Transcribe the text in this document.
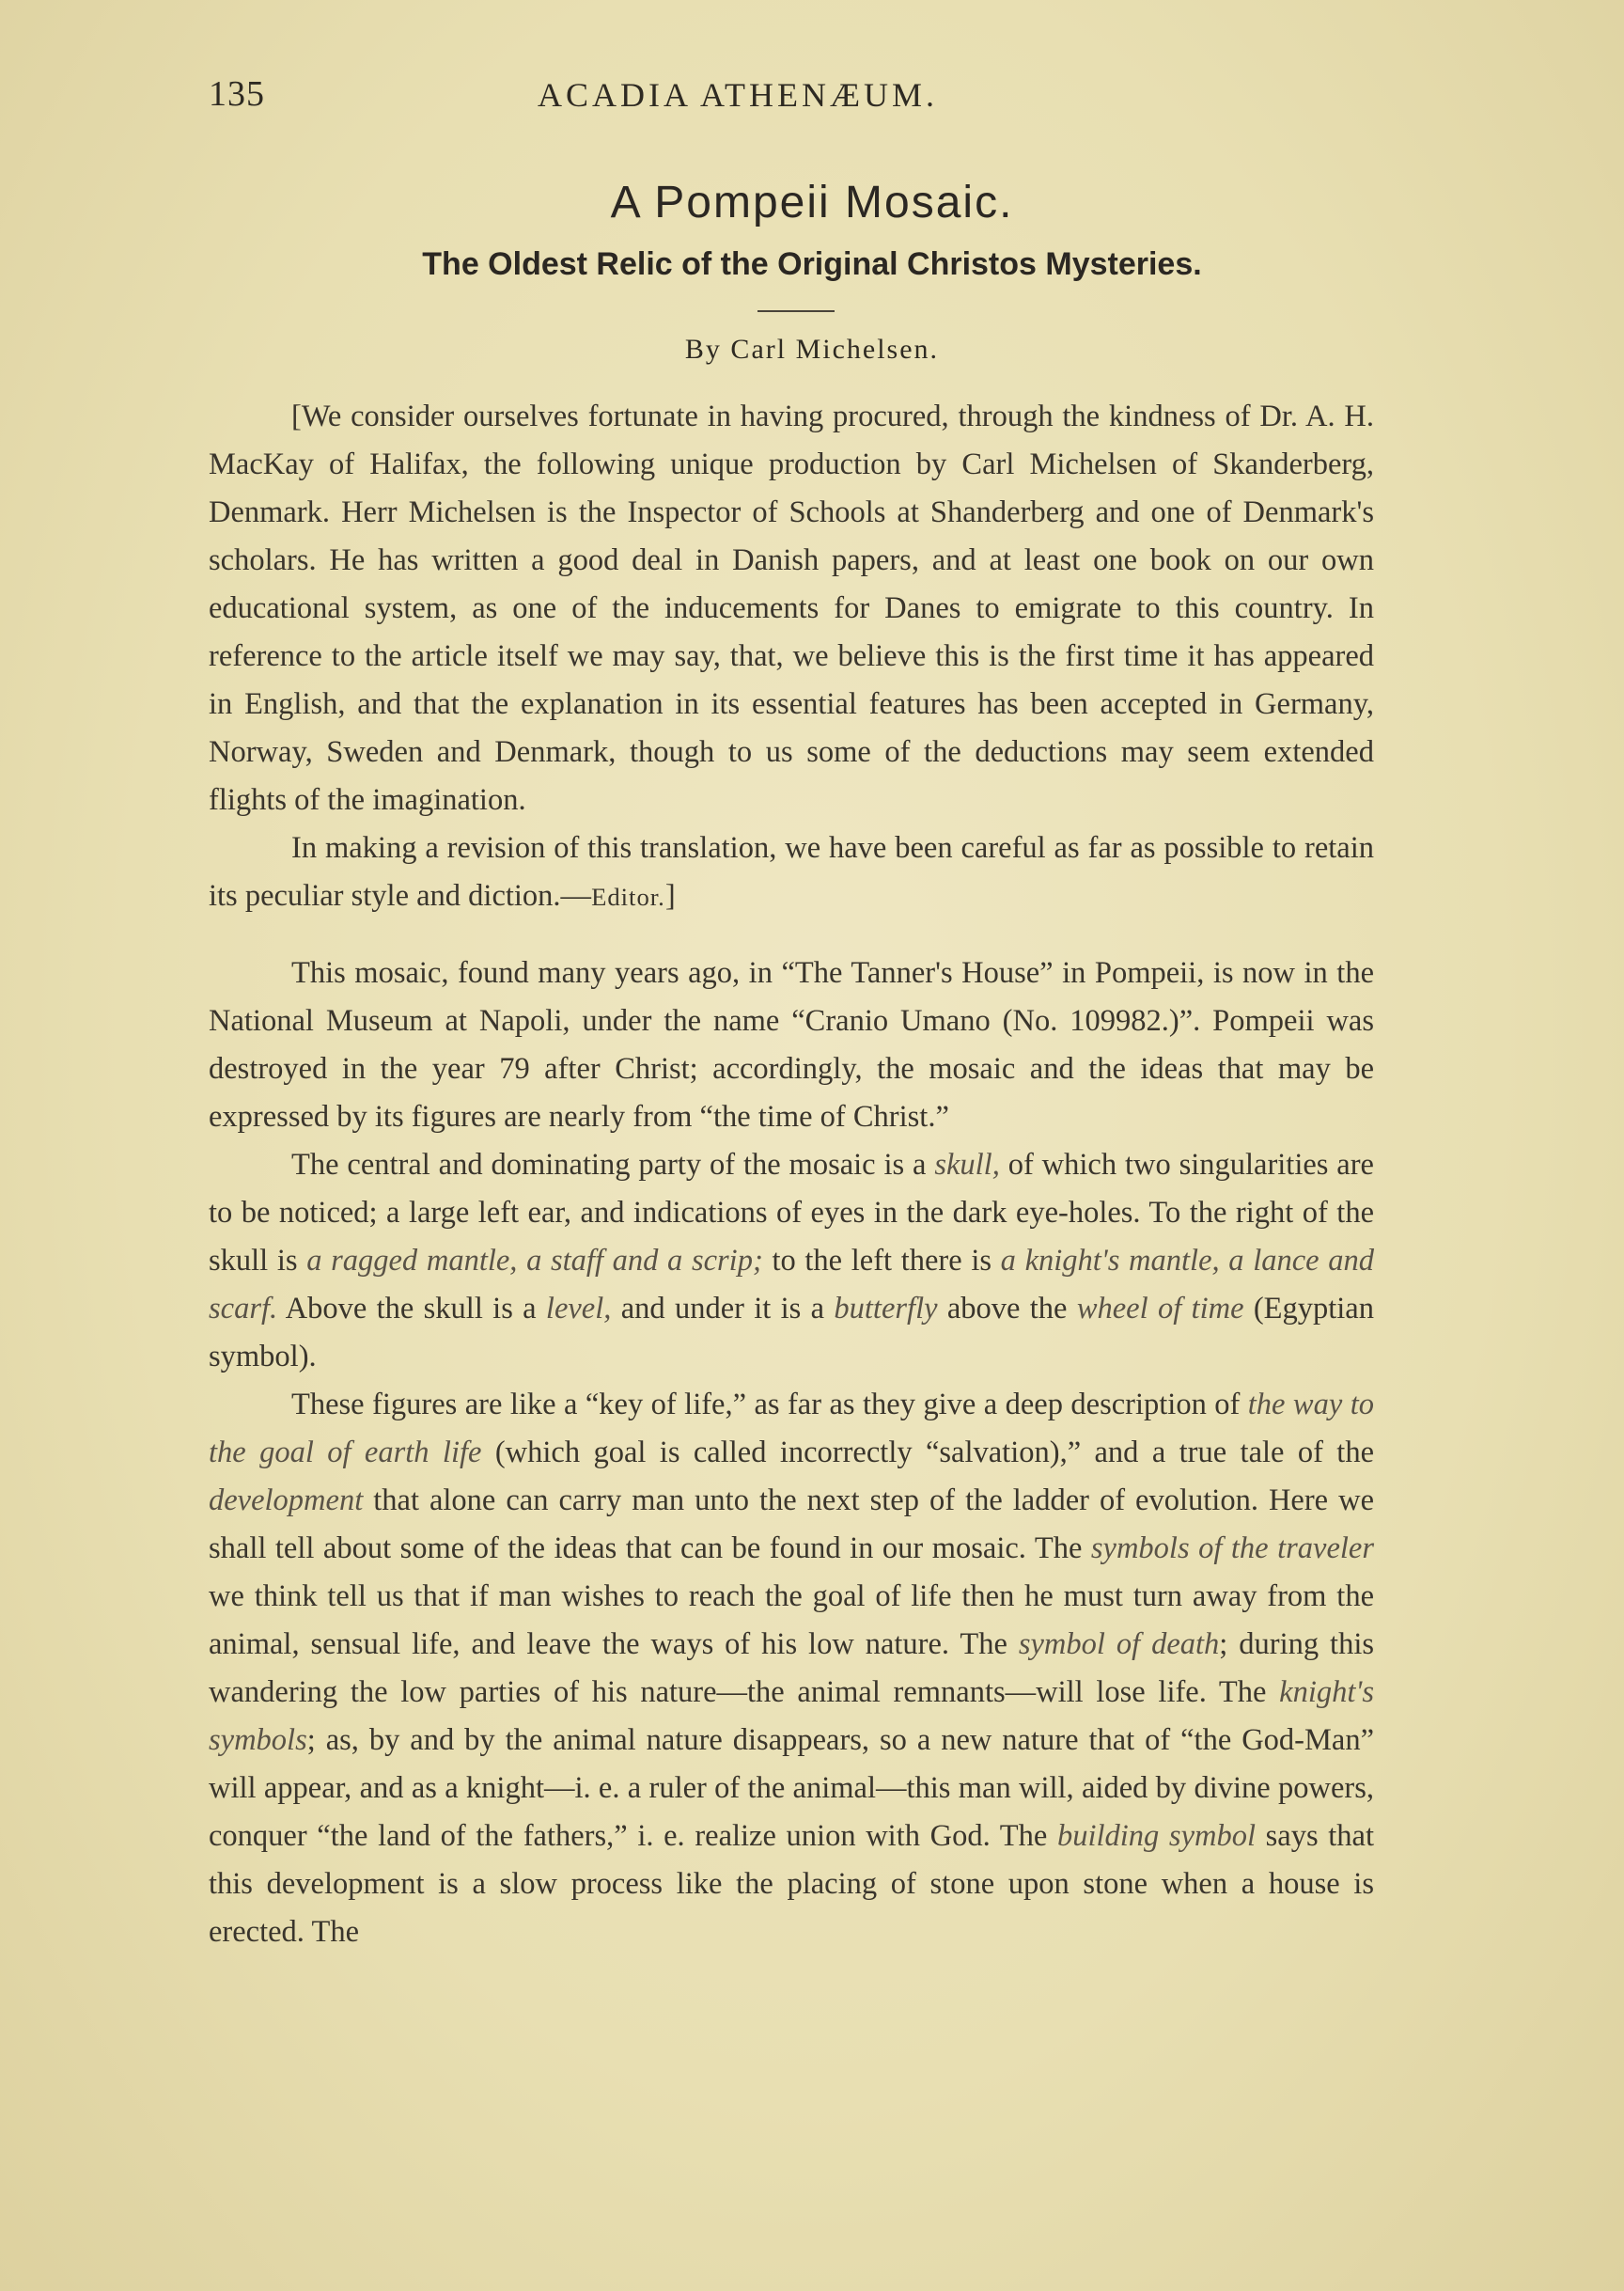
135	ACADIA ATHENÆUM.
A Pompeii Mosaic.
The Oldest Relic of the Original Christos Mysteries.
By Carl Michelsen.

[We consider ourselves fortunate in having procured, through the kindness of Dr. A. H. MacKay of Halifax, the following unique production by Carl Michelsen of Skanderberg, Denmark. Herr Michelsen is the Inspector of Schools at Shanderberg and one of Denmark's scholars. He has written a good deal in Danish papers, and at least one book on our own educational system, as one of the inducements for Danes to emigrate to this country. In reference to the article itself we may say, that, we believe this is the first time it has appeared in English, and that the explanation in its essential features has been accepted in Germany, Norway, Sweden and Denmark, though to us some of the deductions may seem extended flights of the imagination.

In making a revision of this translation, we have been careful as far as possible to retain its peculiar style and diction.—Editor.]

This mosaic, found many years ago, in “The Tanner's House” in Pompeii, is now in the National Museum at Napoli, under the name “Cranio Umano (No. 109982.)”. Pompeii was destroyed in the year 79 after Christ; accordingly, the mosaic and the ideas that may be expressed by its figures are nearly from “the time of Christ.”

The central and dominating party of the mosaic is a skull, of which two singularities are to be noticed; a large left ear, and indications of eyes in the dark eye-holes. To the right of the skull is a ragged mantle, a staff and a scrip; to the left there is a knight's mantle, a lance and scarf. Above the skull is a level, and under it is a butterfly above the wheel of time (Egyptian symbol).

These figures are like a “key of life,” as far as they give a deep description of the way to the goal of earth life (which goal is called incorrectly “salvation),” and a true tale of the development that alone can carry man unto the next step of the ladder of evolution. Here we shall tell about some of the ideas that can be found in our mosaic. The symbols of the traveler we think tell us that if man wishes to reach the goal of life then he must turn away from the animal, sensual life, and leave the ways of his low nature. The symbol of death; during this wandering the low parties of his nature—the animal remnants—will lose life. The knight's symbols; as, by and by the animal nature disappears, so a new nature that of “the God-Man” will appear, and as a knight—i. e. a ruler of the animal—this man will, aided by divine powers, conquer “the land of the fathers,” i. e. realize union with God. The building symbol says that this development is a slow process like the placing of stone upon stone when a house is erected. The
